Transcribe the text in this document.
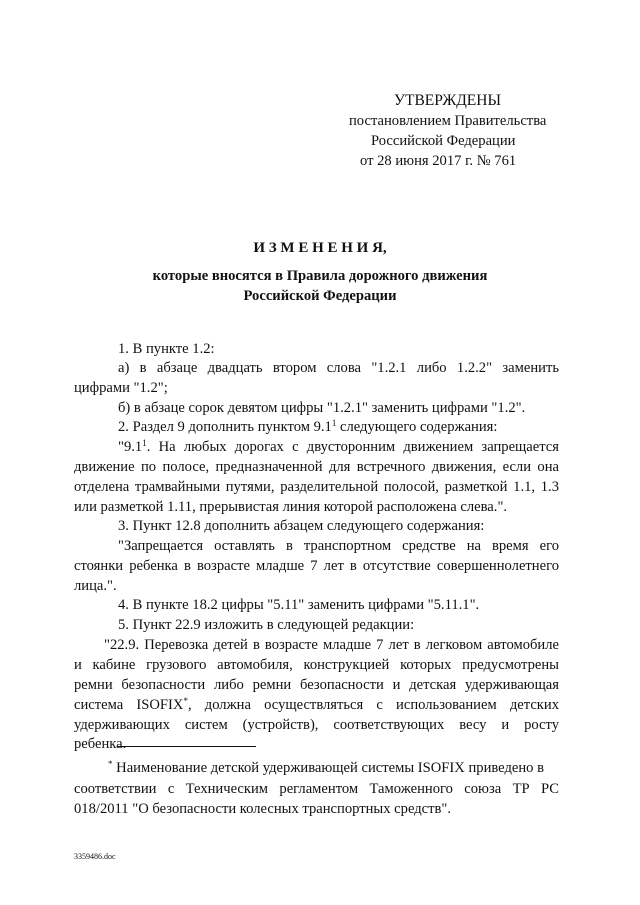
УТВЕРЖДЕНЫ
постановлением Правительства
Российской Федерации
от 28 июня 2017 г. № 761
И З М Е Н Е Н И Я,
которые вносятся в Правила дорожного движения
Российской Федерации
1. В пункте 1.2:
а) в абзаце двадцать втором слова "1.2.1 либо 1.2.2" заменить
цифрами "1.2";
б) в абзаце сорок девятом цифры "1.2.1" заменить цифрами "1.2".
2. Раздел 9 дополнить пунктом $9.1^1$ следующего содержания:
"$9.1^1$. На любых дорогах с двусторонним движением запрещается
движение по полосе, предназначенной для встречного движения, если она
отделена трамвайными путями, разделительной полосой, разметкой 1.1, 1.3
или разметкой 1.11, прерывистая линия которой расположена слева.".
3. Пункт 12.8 дополнить абзацем следующего содержания:
"Запрещается оставлять в транспортном средстве на время его
стоянки ребенка в возрасте младше 7 лет в отсутствие совершеннолетнего
лица.".
4. В пункте 18.2 цифры "5.11" заменить цифрами "5.11.1".
5. Пункт 22.9 изложить в следующей редакции:
"22.9. Перевозка детей в возрасте младше 7 лет в легковом автомобиле
и кабине грузового автомобиля, конструкцией которых предусмотрены
ремни безопасности либо ремни безопасности и детская удерживающая
система ISOFIX*, должна осуществляться с использованием детских
удерживающих систем (устройств), соответствующих весу и росту
ребенка.
* Наименование детской удерживающей системы ISOFIX приведено в
соответствии с Техническим регламентом Таможенного союза ТР РС
018/2011 "О безопасности колесных транспортных средств".
3359486.doc
